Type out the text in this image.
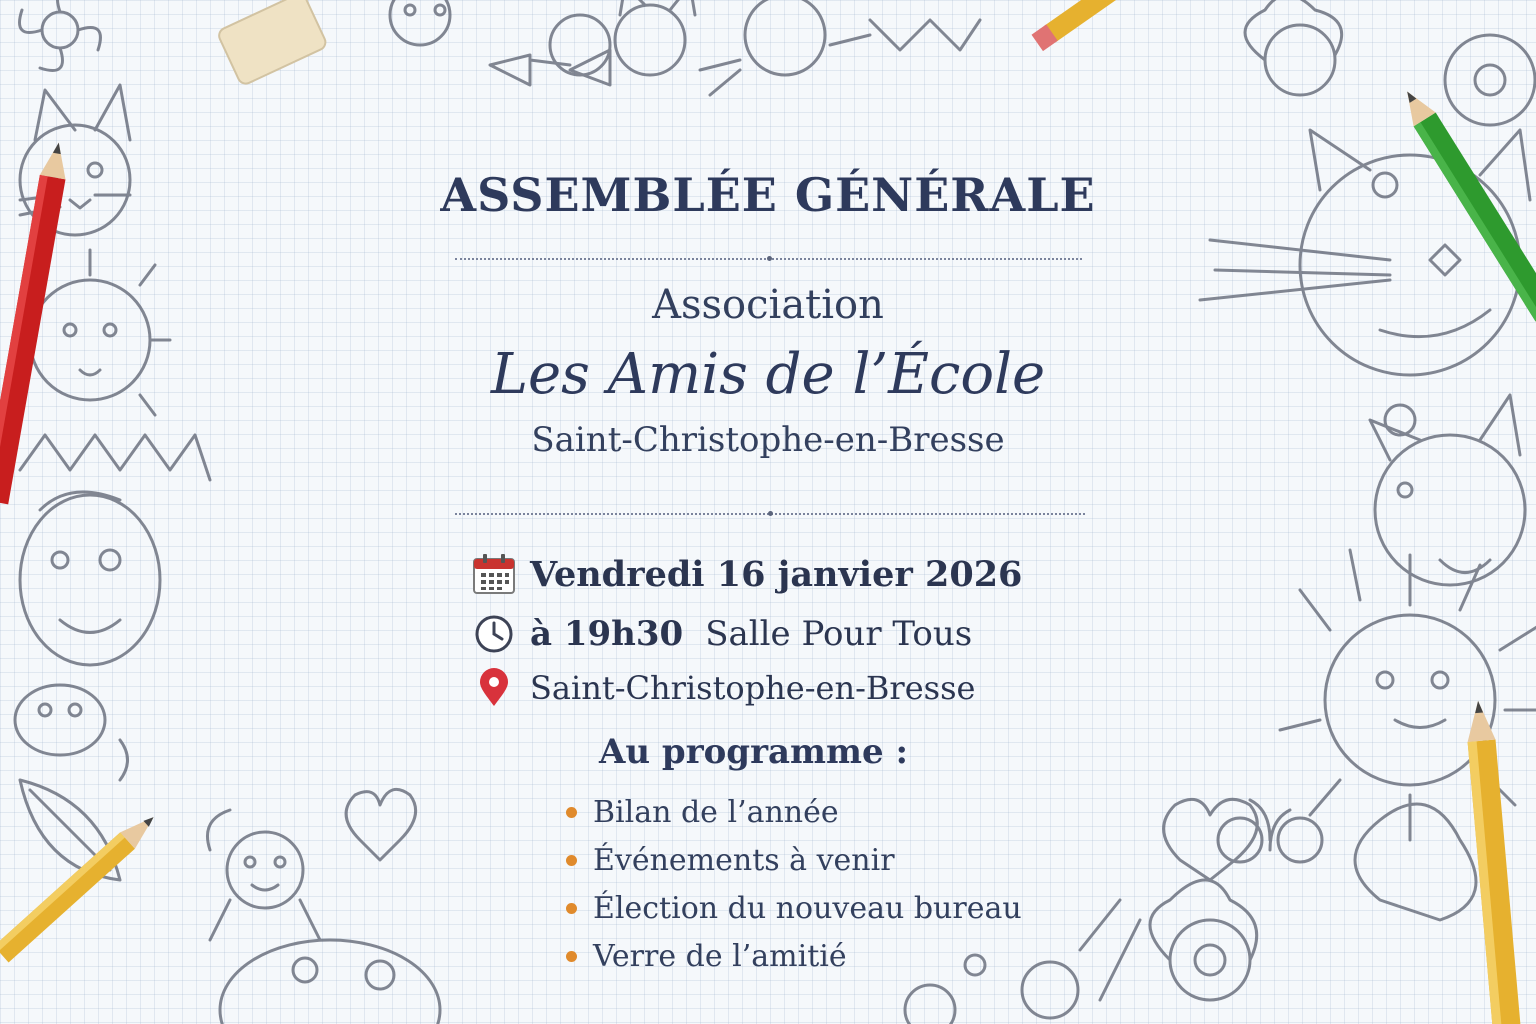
ASSEMBLÉE GÉNÉRALE
Association
Les Amis de l’École
Saint-Christophe-en-Bresse
Vendredi 16 janvier 2026
à 19h30 Salle Pour Tous
Saint-Christophe-en-Bresse
Au programme :
Bilan de l’année
Événements à venir
Élection du nouveau bureau
Verre de l’amitié
